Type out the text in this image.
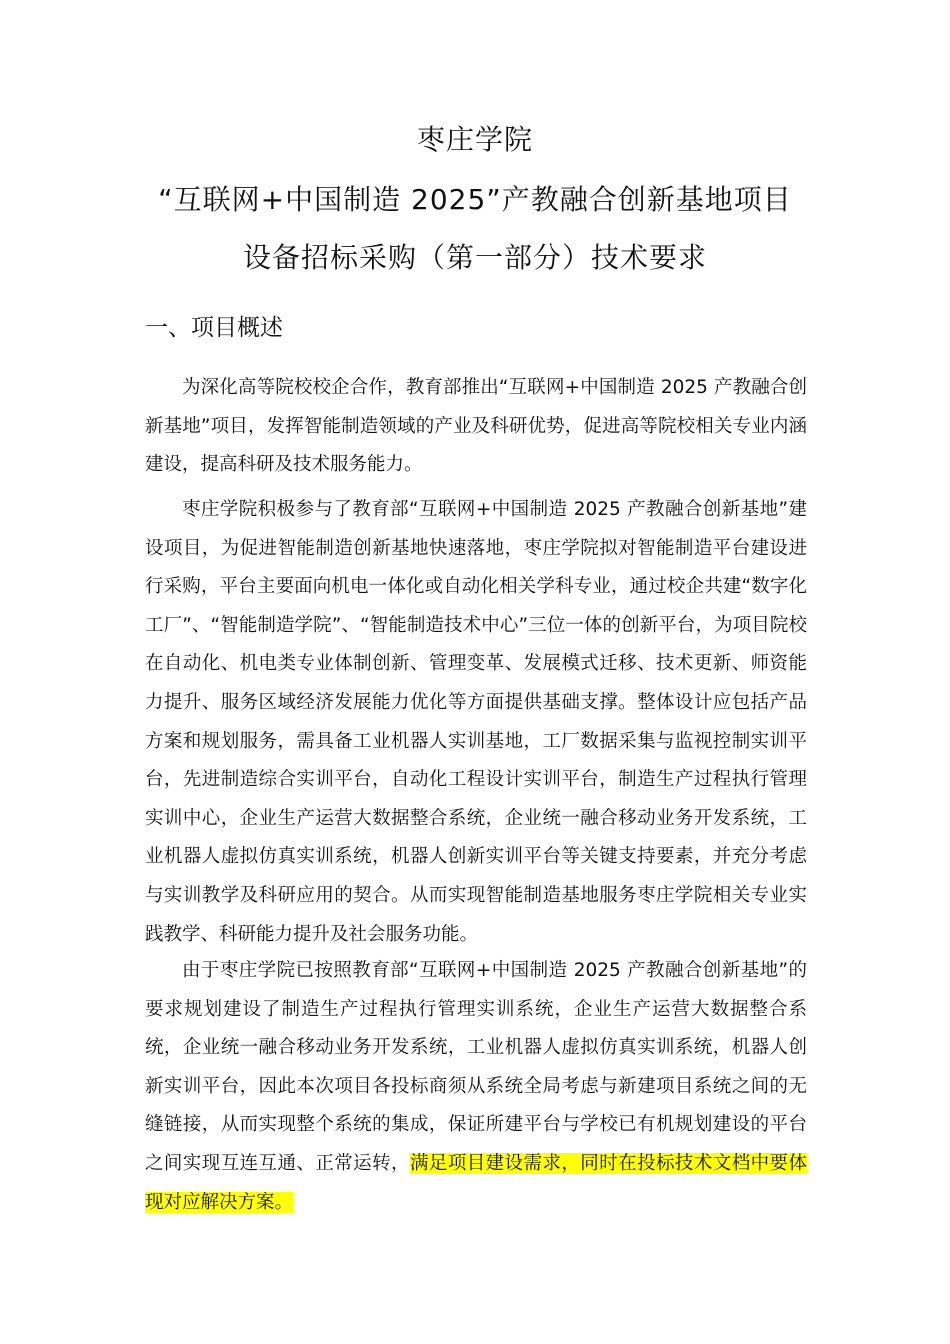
枣庄学院
“互联网+中国制造 2025”产教融合创新基地项目
设备招标采购（第一部分）技术要求
一、项目概述

为深化高等院校校企合作，教育部推出“互联网+中国制造 2025 产教融合创新基地”项目，发挥智能制造领域的产业及科研优势，促进高等院校相关专业内涵建设，提高科研及技术服务能力。

枣庄学院积极参与了教育部“互联网+中国制造 2025 产教融合创新基地”建设项目，为促进智能制造创新基地快速落地，枣庄学院拟对智能制造平台建设进行采购，平台主要面向机电一体化或自动化相关学科专业，通过校企共建“数字化工厂”、“智能制造学院”、“智能制造技术中心”三位一体的创新平台，为项目院校在自动化、机电类专业体制创新、管理变革、发展模式迁移、技术更新、师资能力提升、服务区域经济发展能力优化等方面提供基础支撑。整体设计应包括产品方案和规划服务，需具备工业机器人实训基地，工厂数据采集与监视控制实训平台，先进制造综合实训平台，自动化工程设计实训平台，制造生产过程执行管理实训中心，企业生产运营大数据整合系统，企业统一融合移动业务开发系统，工业机器人虚拟仿真实训系统，机器人创新实训平台等关键支持要素，并充分考虑与实训教学及科研应用的契合。从而实现智能制造基地服务枣庄学院相关专业实践教学、科研能力提升及社会服务功能。

由于枣庄学院已按照教育部“互联网+中国制造 2025 产教融合创新基地”的要求规划建设了制造生产过程执行管理实训系统，企业生产运营大数据整合系统，企业统一融合移动业务开发系统，工业机器人虚拟仿真实训系统，机器人创新实训平台，因此本次项目各投标商须从系统全局考虑与新建项目系统之间的无缝链接，从而实现整个系统的集成，保证所建平台与学校已有机规划建设的平台之间实现互连互通、正常运转，满足项目建设需求，同时在投标技术文档中要体现对应解决方案。
